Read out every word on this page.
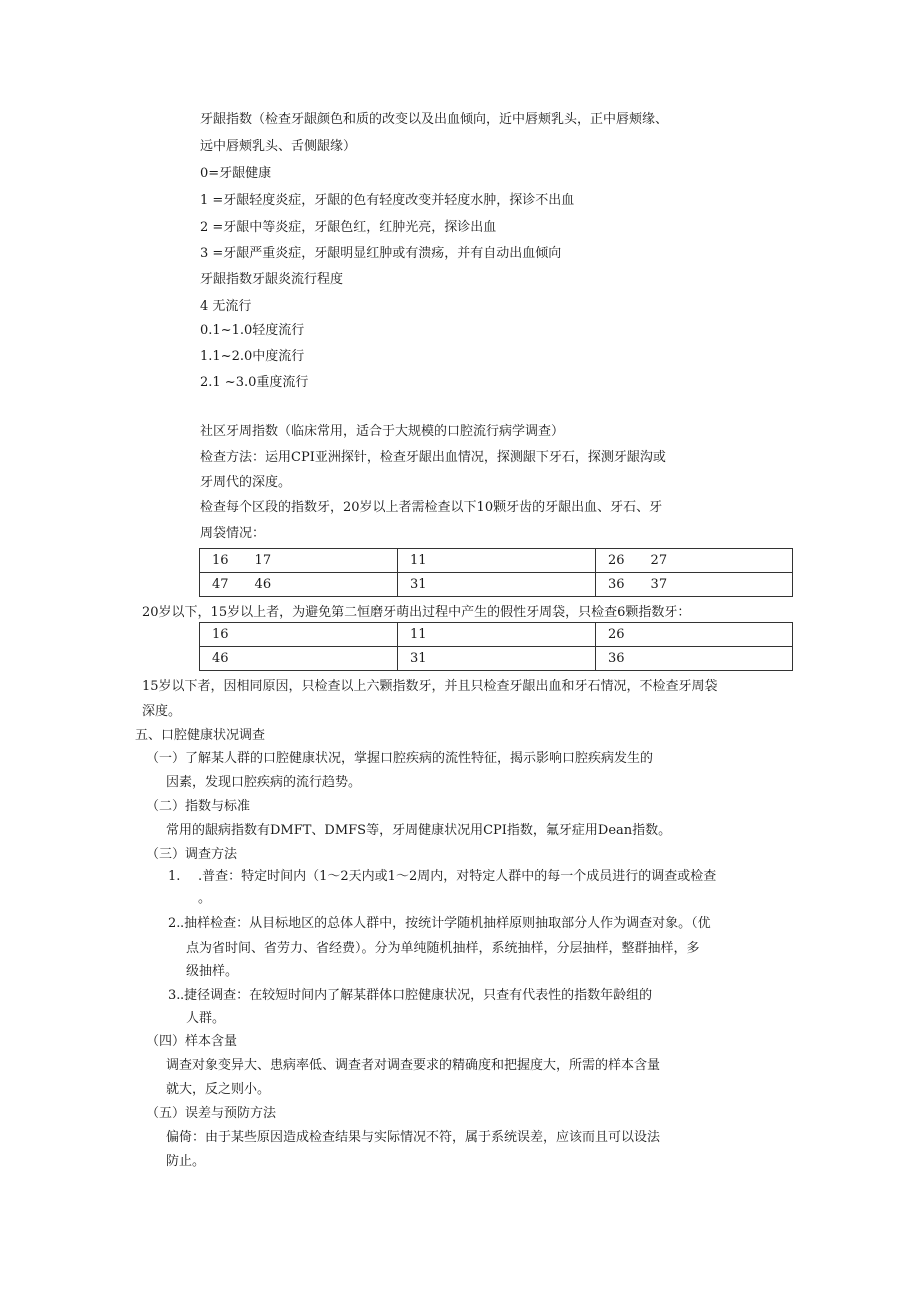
牙龈指数（检查牙龈颜色和质的改变以及出血倾向，近中唇颊乳头，正中唇颊缘、
远中唇颊乳头、舌侧龈缘）
0=牙龈健康
1 =牙龈轻度炎症，牙龈的色有轻度改变并轻度水肿，探诊不出血
2 =牙龈中等炎症，牙龈色红，红肿光亮，探诊出血
3 =牙龈严重炎症，牙龈明显红肿或有溃疡，并有自动出血倾向
牙龈指数牙龈炎流行程度
4 无流行
0.1~1.0轻度流行
1.1~2.0中度流行
2.1 ~3.0重度流行
社区牙周指数（临床常用，适合于大规模的口腔流行病学调查）
检查方法：运用CPI亚洲探针，检查牙龈出血情况，探测龈下牙石，探测牙龈沟或
牙周代的深度。
检查每个区段的指数牙，20岁以上者需检查以下10颗牙齿的牙龈出血、牙石、牙
周袋情况：
16 17	11	26 27
47 46	31	36 37
20岁以下，15岁以上者，为避免第二恒磨牙萌出过程中产生的假性牙周袋，只检查6颗指数牙：
16	11	26
46	31	36
15岁以下者，因相同原因，只检查以上六颗指数牙，并且只检查牙龈出血和牙石情况，不检查牙周袋
深度。
五、口腔健康状况调查
（一）了解某人群的口腔健康状况，掌握口腔疾病的流性特征，揭示影响口腔疾病发生的
因素，发现口腔疾病的流行趋势。
（二）指数与标准
常用的龈病指数有DMFT、DMFS等，牙周健康状况用CPI指数，氟牙症用Dean指数。
（三）调查方法
1. .普查：特定时间内（1～2天内或1～2周内，对特定人群中的每一个成员进行的调查或检查
。
2. .抽样检查：从目标地区的总体人群中，按统计学随机抽样原则抽取部分人作为调查对象。（优
点为省时间、省劳力、省经费）。分为单纯随机抽样，系统抽样，分层抽样，整群抽样，多
级抽样。
3. .捷径调查：在较短时间内了解某群体口腔健康状况，只查有代表性的指数年龄组的
人群。
（四）样本含量
调查对象变异大、患病率低、调查者对调查要求的精确度和把握度大，所需的样本含量
就大，反之则小。
（五）误差与预防方法
偏倚：由于某些原因造成检查结果与实际情况不符，属于系统误差，应该而且可以设法
防止。
